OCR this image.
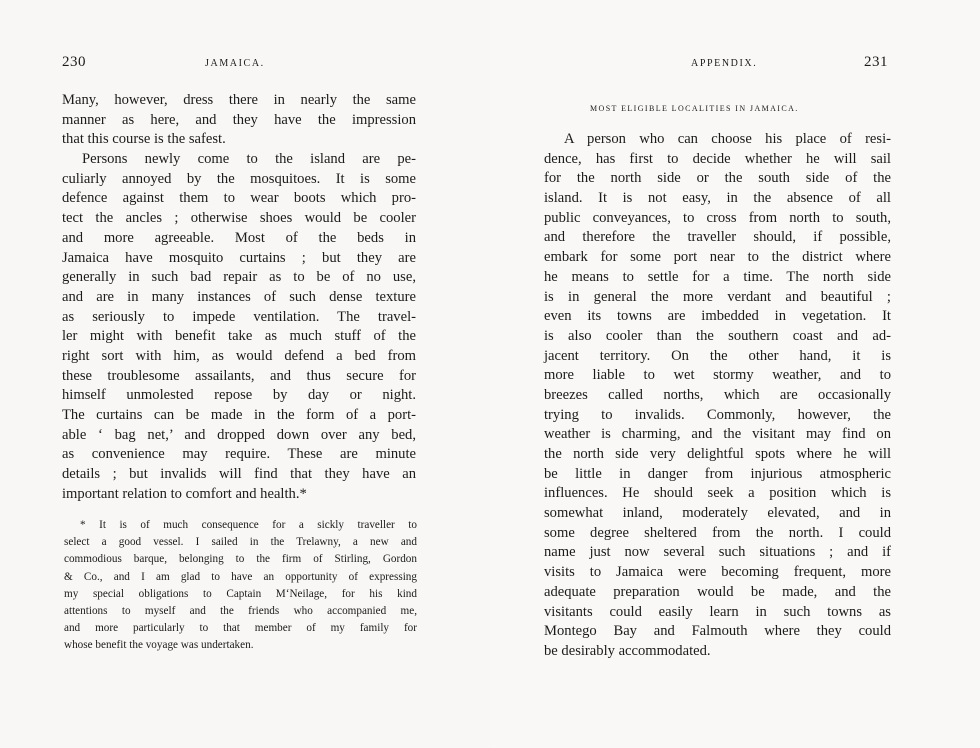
230	JAMAICA.
Many, however, dress there in nearly the same
manner as here, and they have the impression
that this course is the safest.
Persons newly come to the island are pe-
culiarly annoyed by the mosquitoes. It is some
defence against them to wear boots which pro-
tect the ancles ; otherwise shoes would be cooler
and more agreeable. Most of the beds in
Jamaica have mosquito curtains ; but they are
generally in such bad repair as to be of no use,
and are in many instances of such dense texture
as seriously to impede ventilation. The travel-
ler might with benefit take as much stuff of the
right sort with him, as would defend a bed from
these troublesome assailants, and thus secure for
himself unmolested repose by day or night.
The curtains can be made in the form of a port-
able ‘ bag net,’ and dropped down over any bed,
as convenience may require. These are minute
details ; but invalids will find that they have an
important relation to comfort and health.*
* It is of much consequence for a sickly traveller to
select a good vessel. I sailed in the Trelawny, a new and
commodious barque, belonging to the firm of Stirling, Gordon
& Co., and I am glad to have an opportunity of expressing
my special obligations to Captain M‘Neilage, for his kind
attentions to myself and the friends who accompanied me,
and more particularly to that member of my family for
whose benefit the voyage was undertaken.
APPENDIX.	231
MOST ELIGIBLE LOCALITIES IN JAMAICA.
A person who can choose his place of resi-
dence, has first to decide whether he will sail
for the north side or the south side of the
island. It is not easy, in the absence of all
public conveyances, to cross from north to south,
and therefore the traveller should, if possible,
embark for some port near to the district where
he means to settle for a time. The north side
is in general the more verdant and beautiful ;
even its towns are imbedded in vegetation. It
is also cooler than the southern coast and ad-
jacent territory. On the other hand, it is
more liable to wet stormy weather, and to
breezes called norths, which are occasionally
trying to invalids. Commonly, however, the
weather is charming, and the visitant may find on
the north side very delightful spots where he will
be little in danger from injurious atmospheric
influences. He should seek a position which is
somewhat inland, moderately elevated, and in
some degree sheltered from the north. I could
name just now several such situations ; and if
visits to Jamaica were becoming frequent, more
adequate preparation would be made, and the
visitants could easily learn in such towns as
Montego Bay and Falmouth where they could
be desirably accommodated.
